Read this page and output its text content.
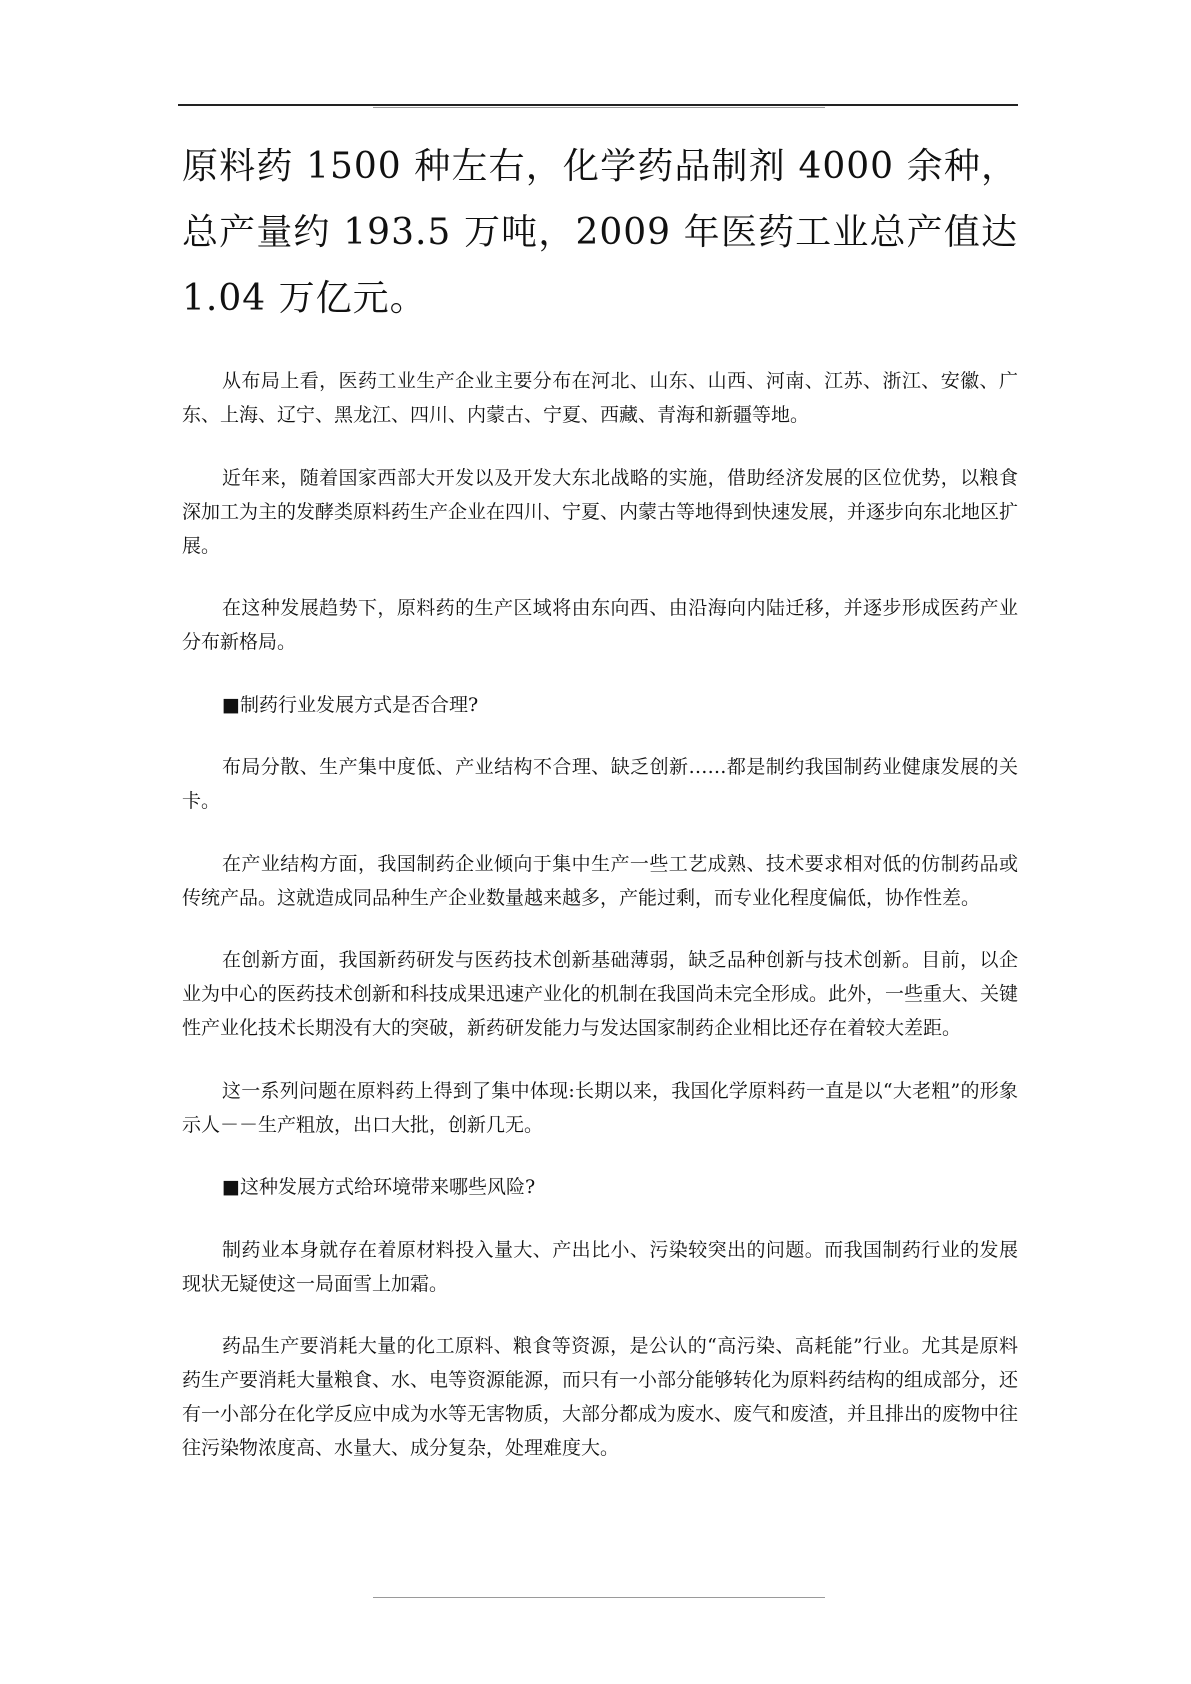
原料药 1500 种左右，化学药品制剂 4000 余种，总产量约 193.5 万吨，2009 年医药工业总产值达 1.04 万亿元。

从布局上看，医药工业生产企业主要分布在河北、山东、山西、河南、江苏、浙江、安徽、广东、上海、辽宁、黑龙江、四川、内蒙古、宁夏、西藏、青海和新疆等地。

近年来，随着国家西部大开发以及开发大东北战略的实施，借助经济发展的区位优势，以粮食深加工为主的发酵类原料药生产企业在四川、宁夏、内蒙古等地得到快速发展，并逐步向东北地区扩展。

在这种发展趋势下，原料药的生产区域将由东向西、由沿海向内陆迁移，并逐步形成医药产业分布新格局。

■制药行业发展方式是否合理?

布局分散、生产集中度低、产业结构不合理、缺乏创新……都是制约我国制药业健康发展的关卡。

在产业结构方面，我国制药企业倾向于集中生产一些工艺成熟、技术要求相对低的仿制药品或传统产品。这就造成同品种生产企业数量越来越多，产能过剩，而专业化程度偏低，协作性差。

在创新方面，我国新药研发与医药技术创新基础薄弱，缺乏品种创新与技术创新。目前，以企业为中心的医药技术创新和科技成果迅速产业化的机制在我国尚未完全形成。此外，一些重大、关键性产业化技术长期没有大的突破，新药研发能力与发达国家制药企业相比还存在着较大差距。

这一系列问题在原料药上得到了集中体现:长期以来，我国化学原料药一直是以“大老粗”的形象示人－－生产粗放，出口大批，创新几无。

■这种发展方式给环境带来哪些风险?

制药业本身就存在着原材料投入量大、产出比小、污染较突出的问题。而我国制药行业的发展现状无疑使这一局面雪上加霜。

药品生产要消耗大量的化工原料、粮食等资源，是公认的“高污染、高耗能”行业。尤其是原料药生产要消耗大量粮食、水、电等资源能源，而只有一小部分能够转化为原料药结构的组成部分，还有一小部分在化学反应中成为水等无害物质，大部分都成为废水、废气和废渣，并且排出的废物中往往污染物浓度高、水量大、成分复杂，处理难度大。
